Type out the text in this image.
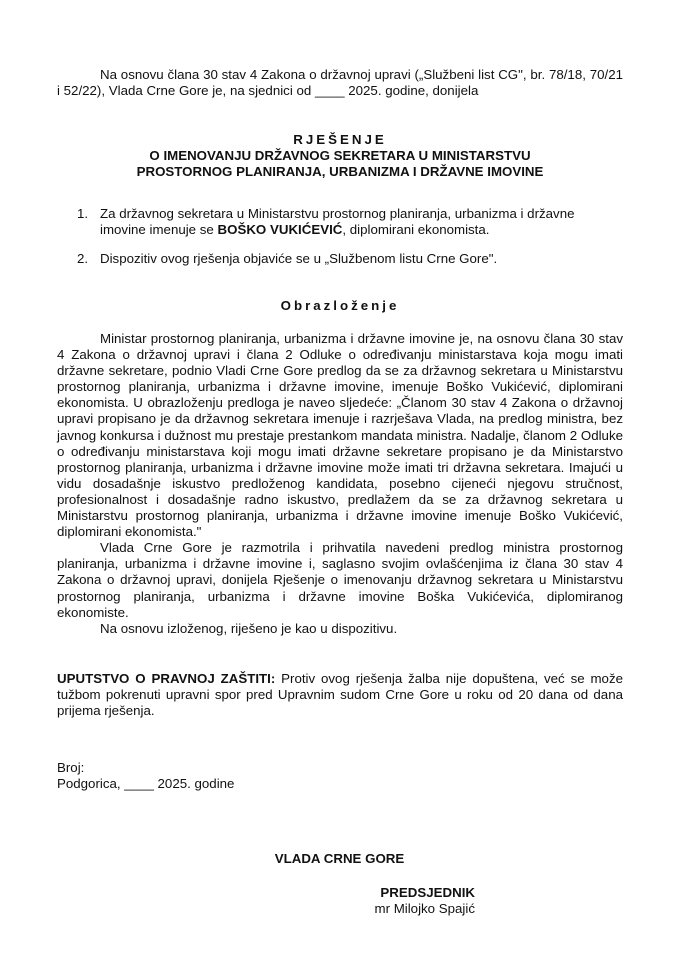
Na osnovu člana 30 stav 4 Zakona o državnoj upravi („Službeni list CG", br. 78/18, 70/21 i 52/22), Vlada Crne Gore je, na sjednici od ____ 2025. godine, donijela

RJEŠENJE

O IMENOVANJU DRŽAVNOG SEKRETARA U MINISTARSTVU

PROSTORNOG PLANIRANJA, URBANIZMA I DRŽAVNE IMOVINE

1. Za državnog sekretara u Ministarstvu prostornog planiranja, urbanizma i državne imovine imenuje se BOŠKO VUKIĆEVIĆ, diplomirani ekonomista.
2. Dispozitiv ovog rješenja objaviće se u „Službenom listu Crne Gore".
Obrazloženje

Ministar prostornog planiranja, urbanizma i državne imovine je, na osnovu člana 30 stav 4 Zakona o državnoj upravi i člana 2 Odluke o određivanju ministarstava koja mogu imati državne sekretare, podnio Vladi Crne Gore predlog da se za državnog sekretara u Ministarstvu prostornog planiranja, urbanizma i državne imovine, imenuje Boško Vukićević, diplomirani ekonomista. U obrazloženju predloga je naveo sljedeće: „Članom 30 stav 4 Zakona o državnoj upravi propisano je da državnog sekretara imenuje i razrješava Vlada, na predlog ministra, bez javnog konkursa i dužnost mu prestaje prestankom mandata ministra. Nadalje, članom 2 Odluke o određivanju ministarstava koji mogu imati državne sekretare propisano je da Ministarstvo prostornog planiranja, urbanizma i državne imovine može imati tri državna sekretara. Imajući u vidu dosadašnje iskustvo predloženog kandidata, posebno cijeneći njegovu stručnost, profesionalnost i dosadašnje radno iskustvo, predlažem da se za državnog sekretara u Ministarstvu prostornog planiranja, urbanizma i državne imovine imenuje Boško Vukićević, diplomirani ekonomista."

Vlada Crne Gore je razmotrila i prihvatila navedeni predlog ministra prostornog planiranja, urbanizma i državne imovine i, saglasno svojim ovlašćenjima iz člana 30 stav 4 Zakona o državnoj upravi, donijela Rješenje o imenovanju državnog sekretara u Ministarstvu prostornog planiranja, urbanizma i državne imovine Boška Vukićevića, diplomiranog ekonomiste.

Na osnovu izloženog, riješeno je kao u dispozitivu.

UPUTSTVO O PRAVNOJ ZAŠTITI: Protiv ovog rješenja žalba nije dopuštena, već se može tužbom pokrenuti upravni spor pred Upravnim sudom Crne Gore u roku od 20 dana od dana prijema rješenja.

Broj:

Podgorica, ____ 2025. godine

VLADA CRNE GORE

PREDSJEDNIK

mr Milojko Spajić
